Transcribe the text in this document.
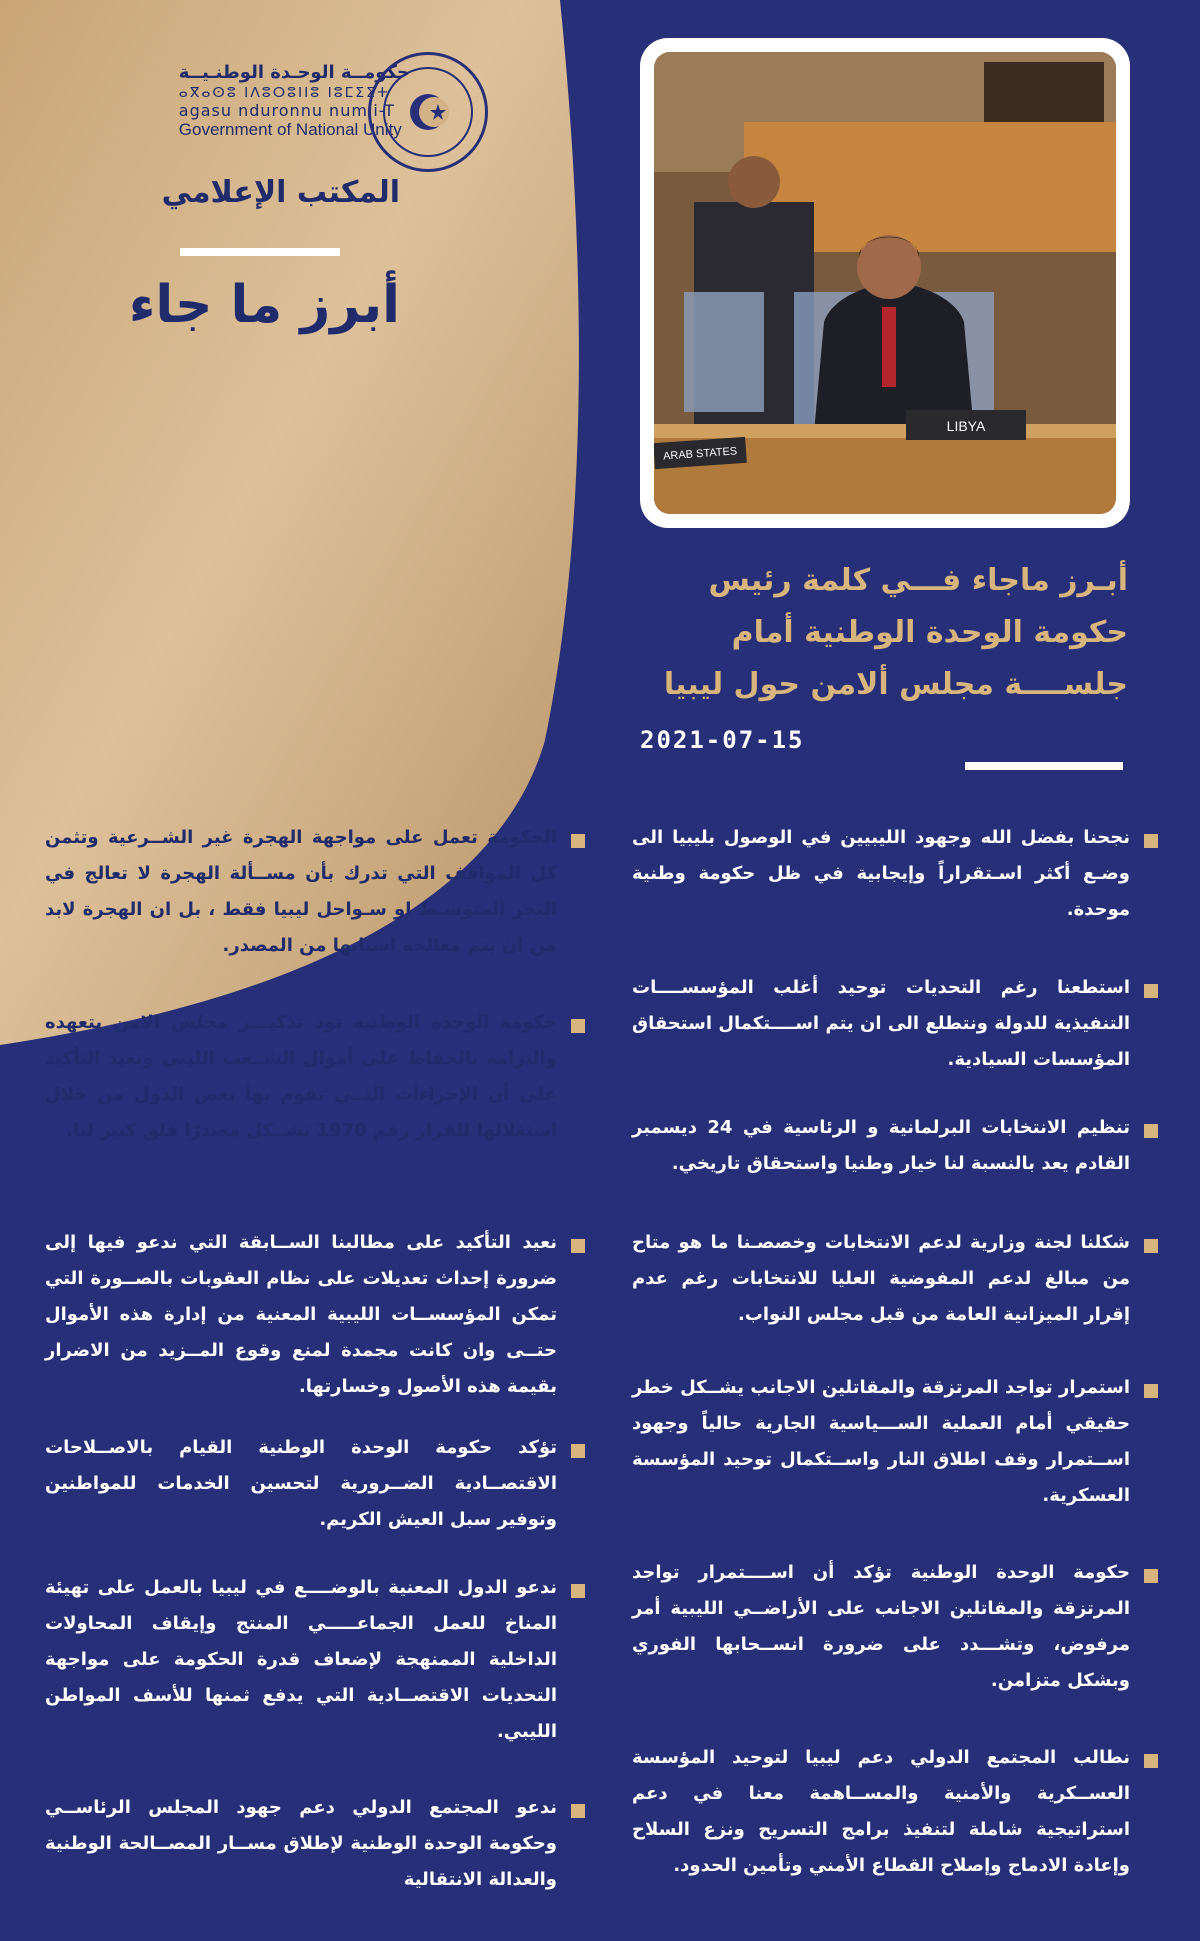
حكومــة الوحـدة الوطنـيــة
ⴰⴳⴰⵙⵓ ⵏⴷⵓⵔⵓⵏⵏⵓ ⵏⵓⵎⵉⵉⵜ
agasu nduronnu numii-T
Government of National Unity
المكتب الإعلامي
أبرز ما جاء
LIBYA
ARAB STATES
أبـرز ماجاء فـــي كلمة رئيس حكومة الوحدة الوطنية أمام جلســــة مجلس ألامن حول ليبيا
2021-07-15
نجحنا بفضل الله وجهود الليبيين في الوصول بليبيا الى وضـع أكثر اسـتقراراً وإيجابية في ظل حكومة وطنية موحدة.
استطعنا رغم التحديات توحيد أغلب المؤسســــات التنفيذية للدولة ونتطلع الى ان يتم اســــتكمال استحقاق المؤسسات السيادية.
تنظيم الانتخابات البرلمانية و الرئاسية في 24 ديسمبر القادم يعد بالنسبة لنا خيار وطنيا واستحقاق تاريخي.
شكلنا لجنة وزارية لدعم الانتخابات وخصصـنا ما هو متاح من مبالغ لدعم المفوضية العليا للانتخابات رغم عدم إقرار الميزانية العامة من قبل مجلس النواب.
استمرار تواجد المرتزقة والمقاتلين الاجانب يشــكل خطر حقيقي أمام العملية الســـياسية الجارية حالياً وجهود اســتمرار وقف اطلاق النار واســتكمال توحيد المؤسسة العسكرية.
حكومة الوحدة الوطنية تؤكد أن اســــتمرار تواجد المرتزقة والمقاتلين الاجانب على الأراضــي الليبية أمر مرفوض، وتشـــدد على ضرورة انســحابها الفوري وبشكل متزامن.
نطالب المجتمع الدولي دعم ليبيا لتوحيد المؤسسة العســكرية والأمنية والمســاهمة معنا في دعم استراتيجية شاملة لتنفيذ برامج التسريح ونزع السلاح وإعادة الادماج وإصلاح القطاع الأمني وتأمين الحدود.
الحكومة تعمل على مواجهة الهجرة غير الشــرعية وتثمن كل المواقف التي تدرك بأن مســألة الهجرة لا تعالج في البحر المتوسـط او سـواحل ليبيا فقط ، بل ان الهجرة لابد من ان يتم معالجة اسبابها من المصدر.
حكومة الوحدة الوطنية تود تذكيـــر مجلس الامن بتعهده والتزامه بالحفاظ على أموال الشــعب الليبي وتعيد التأكيد على أن الإجراءات التــي تقوم بها بعض الدول من خلال استغلالها للقرار رقم 1970 تشــكل مصدرًا قلق كبير لنا.
نعيد التأكيد على مطالبنا الســابقة التي ندعو فيها إلى ضرورة إحداث تعديلات على نظام العقوبات بالصــورة التي تمكن المؤسســات الليبية المعنية من إدارة هذه الأموال حتــى وان كانت مجمدة لمنع وقوع المــزيد من الاضرار بقيمة هذه الأصول وخسارتها.
تؤكد حكومة الوحدة الوطنية القيام بالاصــلاحات الاقتصــادية الضــرورية لتحسين الخدمات للمواطنين وتوفير سبل العيش الكريم.
ندعو الدول المعنية بالوضــــع في ليبيا بالعمل على تهيئة المناخ للعمل الجماعـــــي المنتج وإيقاف المحاولات الداخلية الممنهجة لإضعاف قدرة الحكومة على مواجهة التحديات الاقتصــادية التي يدفع ثمنها للأسف المواطن الليبي.
ندعو المجتمع الدولي دعم جهود المجلس الرئاســي وحكومة الوحدة الوطنية لإطلاق مســار المصــالحة الوطنية والعدالة الانتقالية
